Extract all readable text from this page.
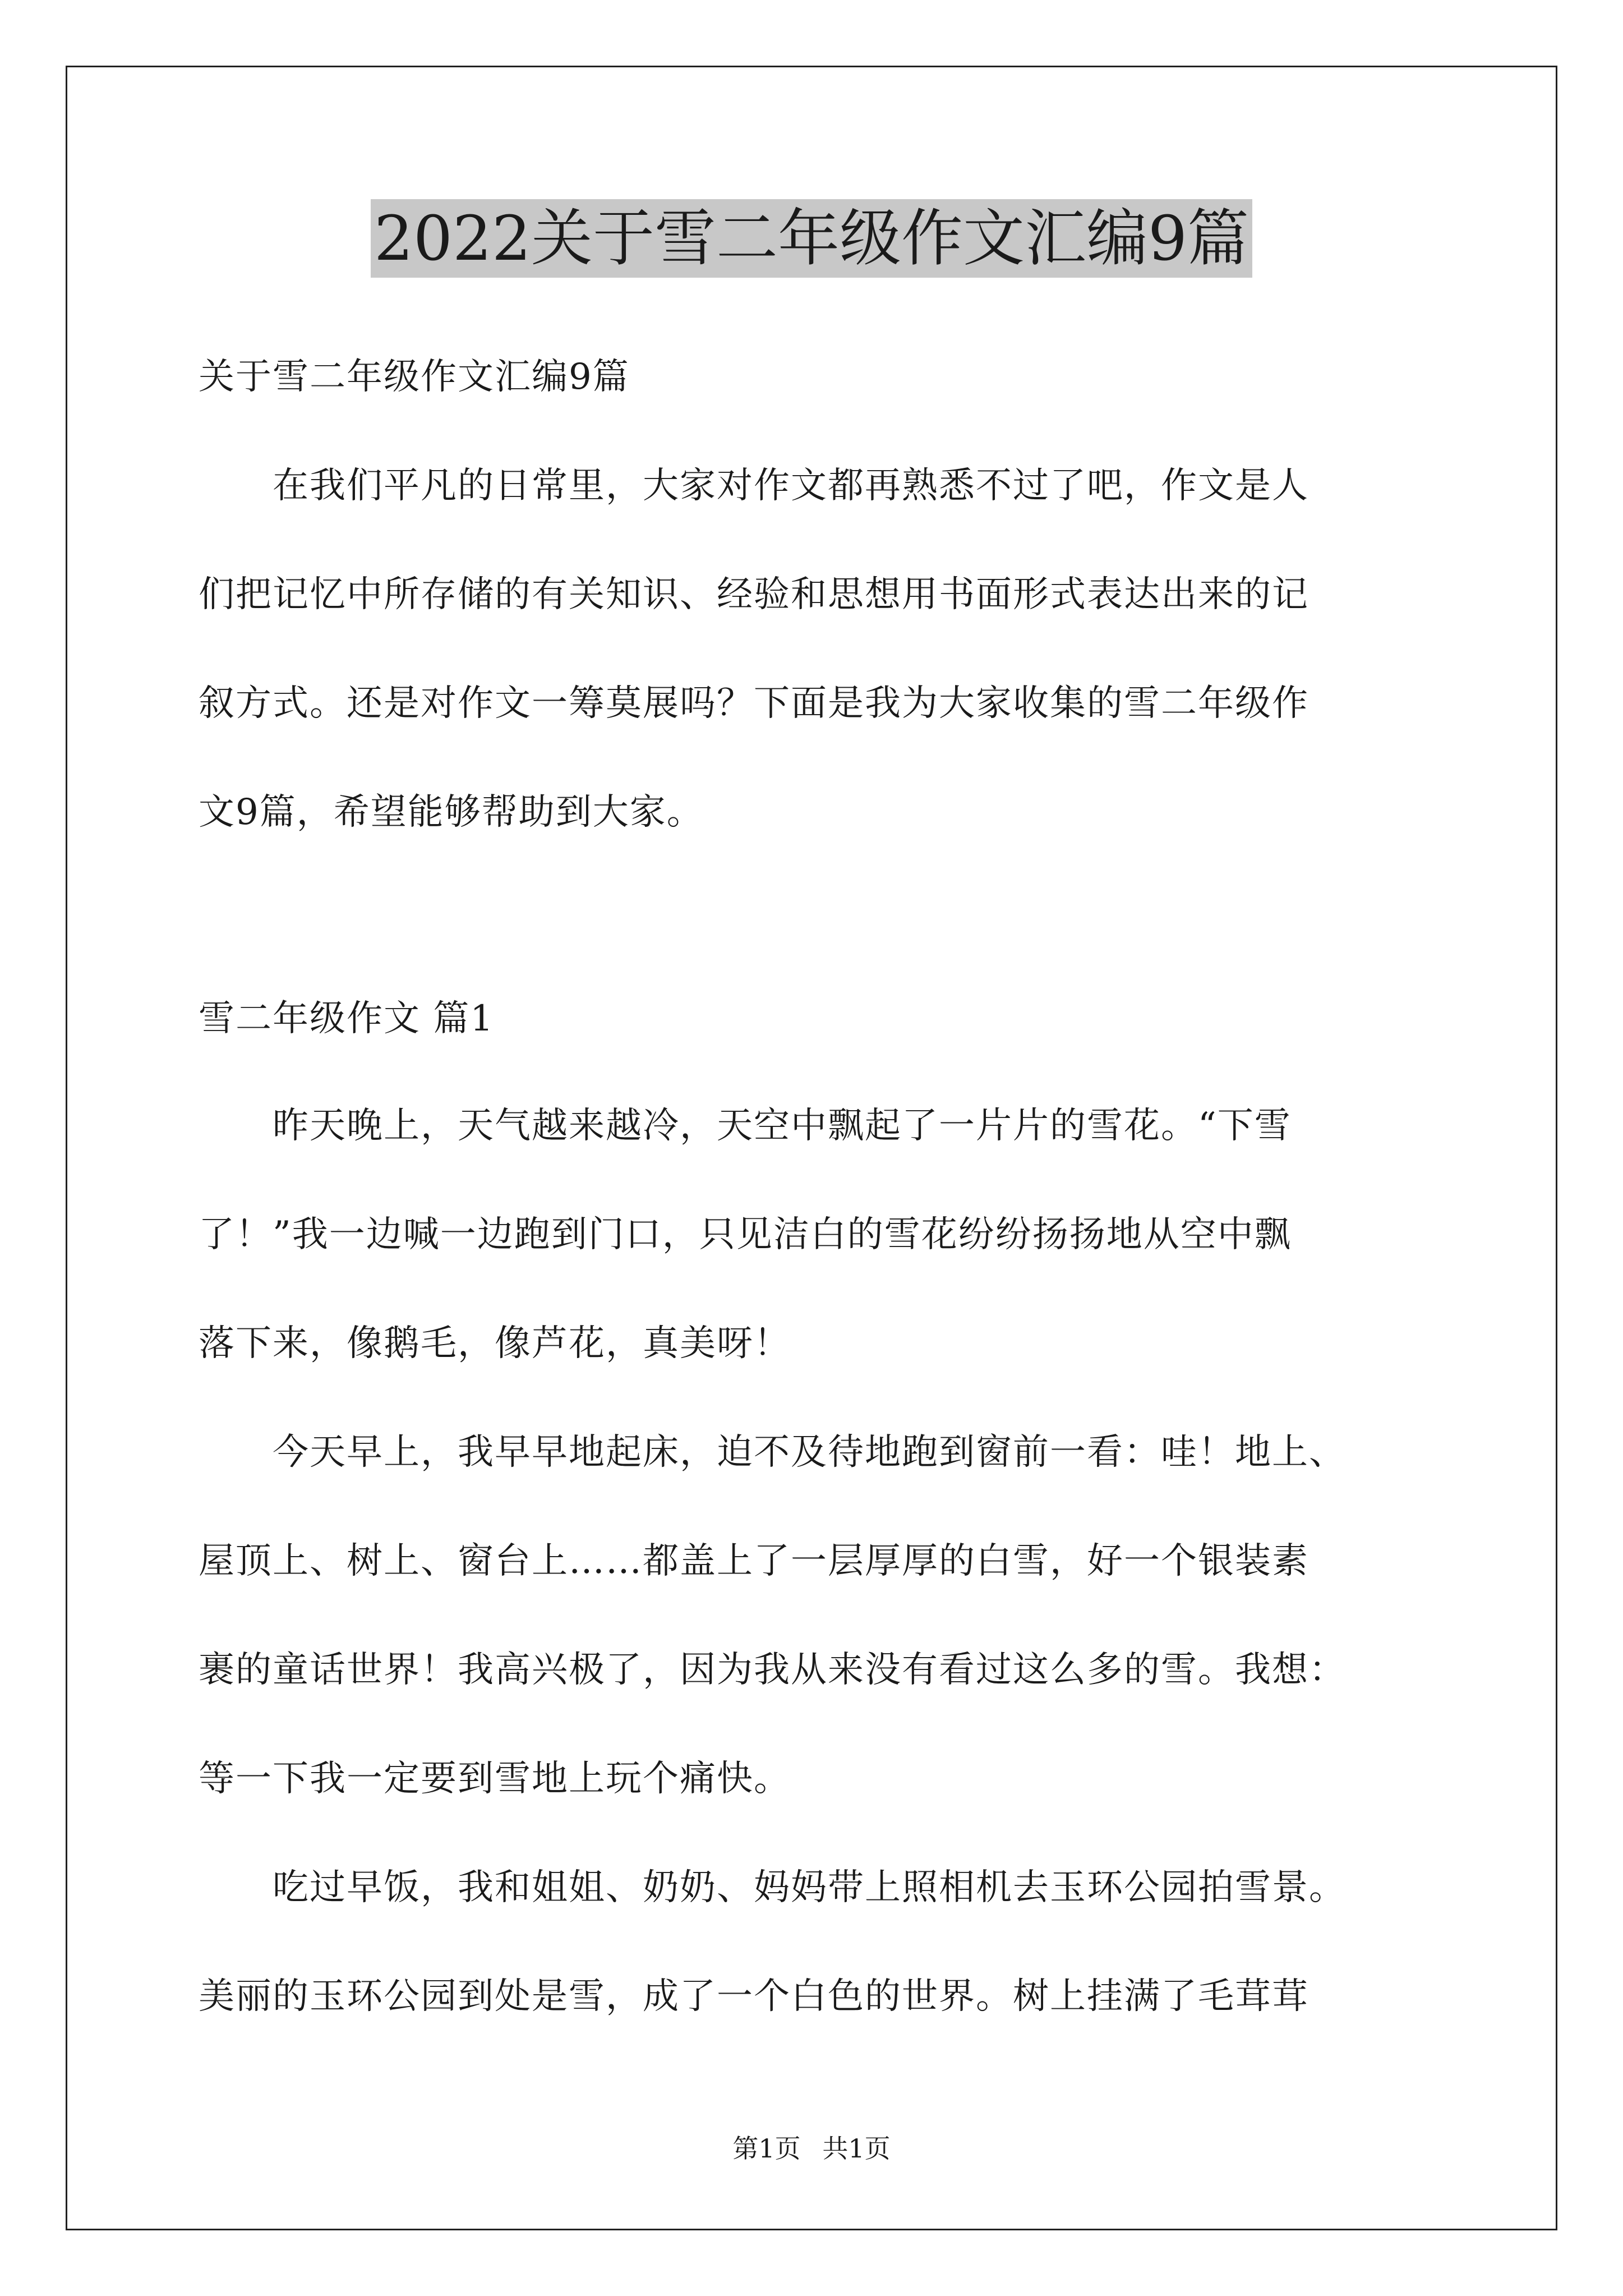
2022关于雪二年级作文汇编9篇
关于雪二年级作文汇编9篇
　　在我们平凡的日常里，大家对作文都再熟悉不过了吧，作文是人
们把记忆中所存储的有关知识、经验和思想用书面形式表达出来的记
叙方式。还是对作文一筹莫展吗？下面是我为大家收集的雪二年级作
文9篇，希望能够帮助到大家。
雪二年级作文 篇1
　　昨天晚上，天气越来越冷，天空中飘起了一片片的雪花。“下雪
了！”我一边喊一边跑到门口，只见洁白的雪花纷纷扬扬地从空中飘
落下来，像鹅毛，像芦花，真美呀！
　　今天早上，我早早地起床，迫不及待地跑到窗前一看：哇！地上、
屋顶上、树上、窗台上……都盖上了一层厚厚的白雪，好一个银装素
裹的童话世界！我高兴极了，因为我从来没有看过这么多的雪。我想：
等一下我一定要到雪地上玩个痛快。
　　吃过早饭，我和姐姐、奶奶、妈妈带上照相机去玉环公园拍雪景。
美丽的玉环公园到处是雪，成了一个白色的世界。树上挂满了毛茸茸
第1页 共1页
